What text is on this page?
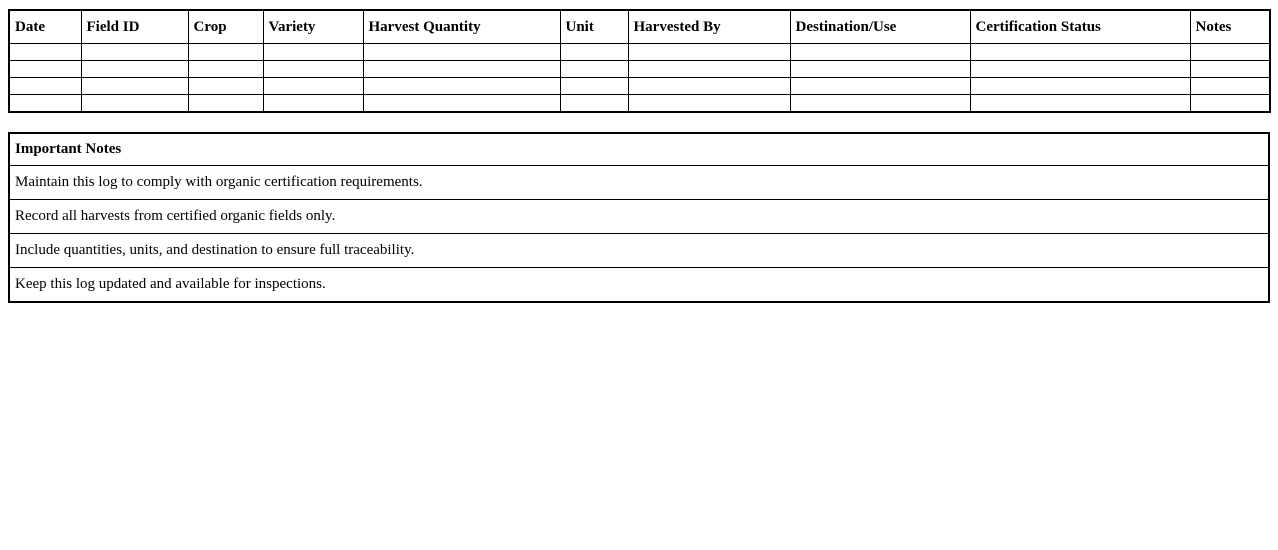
Date	Field ID	Crop	Variety	Harvest Quantity	Unit	Harvested By	Destination/Use	Certification Status	Notes

Important Notes
Maintain this log to comply with organic certification requirements.
Record all harvests from certified organic fields only.
Include quantities, units, and destination to ensure full traceability.
Keep this log updated and available for inspections.
